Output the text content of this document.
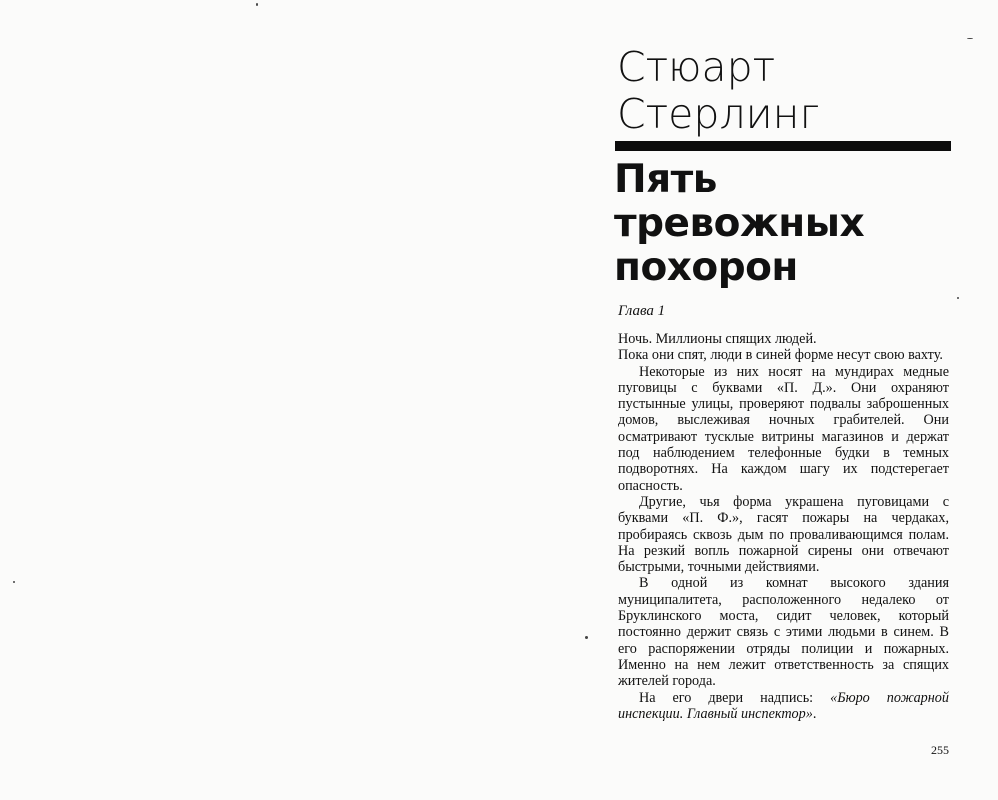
Стюарт
Стерлинг
Пять
тревожных
похорон
Глава 1

Ночь. Миллионы спящих людей.

Пока они спят, люди в синей форме несут свою вахту.

Некоторые из них носят на мундирах медные пуговицы с буквами «П. Д.». Они охраняют пустынные улицы, проверяют подвалы заброшенных домов, выслеживая ночных грабителей. Они осматривают тусклые витрины магазинов и держат под наблюдением телефонные будки в темных подворотнях. На каждом шагу их подстерегает опасность.

Другие, чья форма украшена пуговицами с буквами «П. Ф.», гасят пожары на чердаках, пробираясь сквозь дым по проваливающимся полам. На резкий вопль пожарной сирены они отвечают быстрыми, точными действиями.

В одной из комнат высокого здания муниципалитета, расположенного недалеко от Бруклинского моста, сидит человек, который постоянно держит связь с этими людьми в синем. В его распоряжении отряды полиции и пожарных. Именно на нем лежит ответственность за спящих жителей города.

На его двери надпись: «Бюро пожарной инспекции. Главный инспектор».

255
